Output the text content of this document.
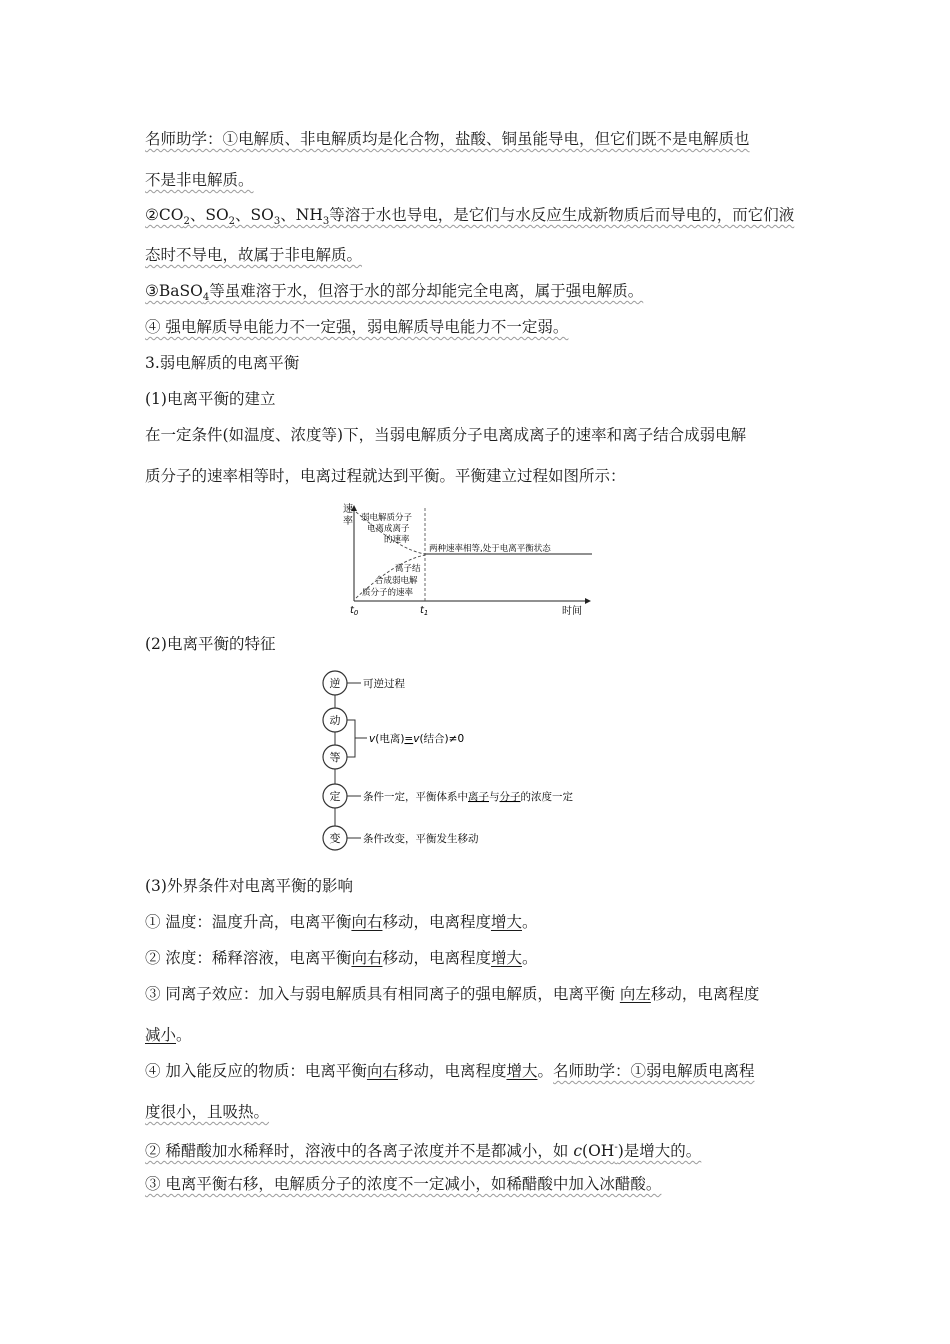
名师助学：①电解质、非电解质均是化合物，盐酸、铜虽能导电，但它们既不是电解质也
不是非电解质。
$②CO_2$、$SO_2$、$SO_3$、$NH_3$等溶于水也导电，是它们与水反应生成新物质后而导电的，而它们液
态时不导电，故属于非电解质。
③BaSO$_4$等虽难溶于水，但溶于水的部分却能完全电离，属于强电解质。
④ 强电解质导电能力不一定强，弱电解质导电能力不一定弱。
3.弱电解质的电离平衡
(1)电离平衡的建立
在一定条件(如温度、浓度等)下，当弱电解质分子电离成离子的速率和离子结合成弱电解
质分子的速率相等时，电离过程就达到平衡。平衡建立过程如图所示：
速
率
时间
$t_0$	$t_1$
弱电解质分子
电离成离子
的速率
两种速率相等,处于电离平衡状态
离子结
合成弱电解
质分子的速率
(2)电离平衡的特征
逆
动
等
定
变
可逆过程
v(电离)=v(结合)≠0
条件一定，平衡体系中离子与分子的浓度一定
条件改变，平衡发生移动
(3)外界条件对电离平衡的影响
① 温度：温度升高，电离平衡向右移动，电离程度增大。
② 浓度：稀释溶液，电离平衡向右移动，电离程度增大。
③ 同离子效应：加入与弱电解质具有相同离子的强电解质，电离平衡 向左移动，电离程度
减小。
④ 加入能反应的物质：电离平衡向右移动，电离程度增大。名师助学：①弱电解质电离程
度很小，且吸热。
② 稀醋酸加水稀释时，溶液中的各离子浓度并不是都减小，如 c(OH-)是增大的。
③ 电离平衡右移，电解质分子的浓度不一定减小，如稀醋酸中加入冰醋酸。
